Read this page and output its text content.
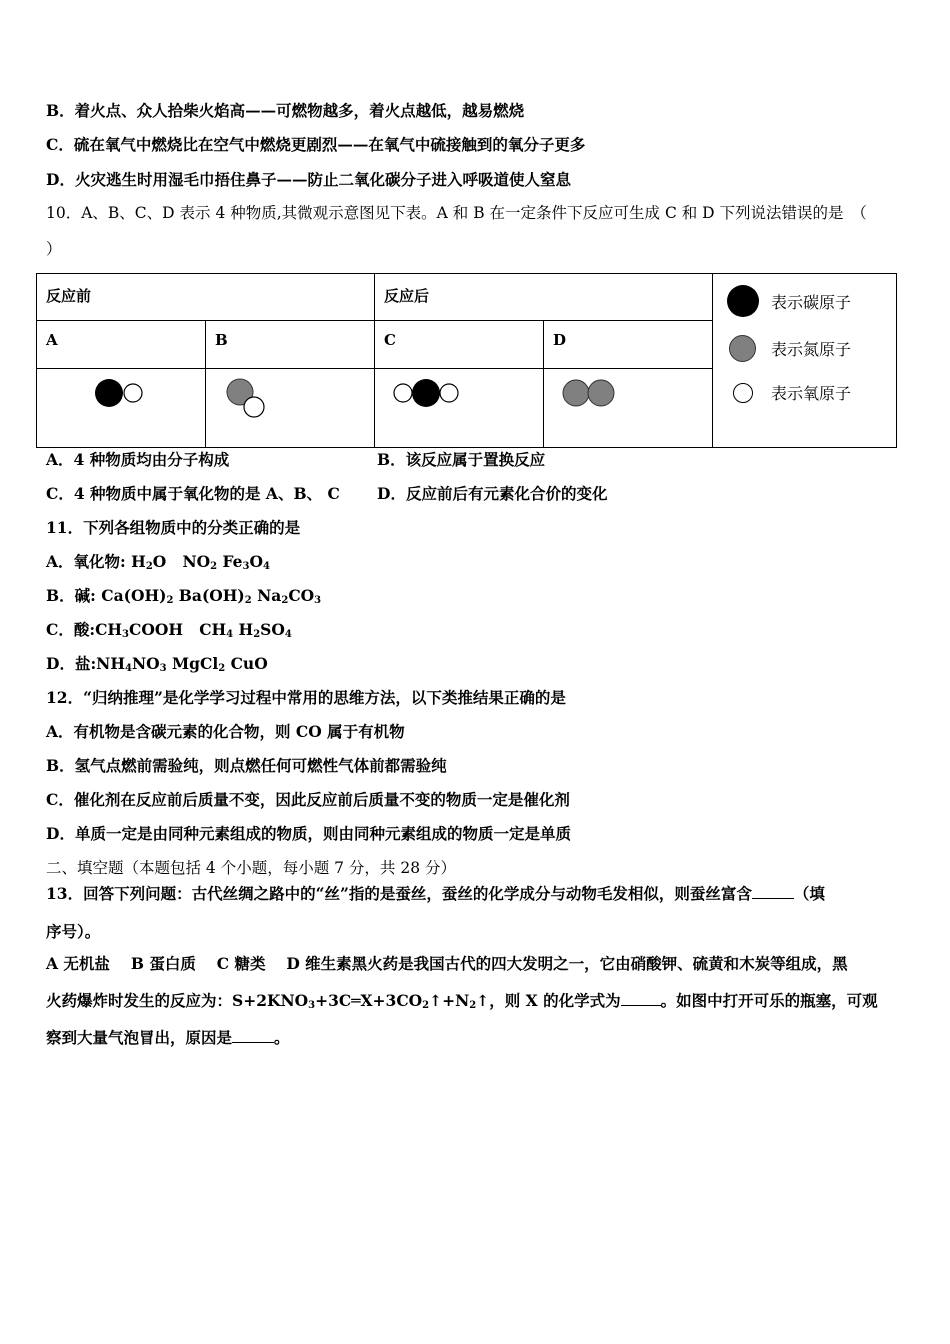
B．着火点、众人拾柴火焰高——可燃物越多，着火点越低，越易燃烧
C．硫在氧气中燃烧比在空气中燃烧更剧烈——在氧气中硫接触到的氧分子更多
D．火灾逃生时用湿毛巾捂住鼻子——防止二氧化碳分子进入呼吸道使人窒息
10．A、B、C、D 表示 4 种物质,其微观示意图见下表。A 和 B 在一定条件下反应可生成 C 和 D 下列说法错误的是　（
）
反应前		反应后		表示碳原子
表示氮原子
表示氧原子

A	B	C	D	

A．4 种物质均由分子构成	B．该反应属于置换反应
C．4 种物质中属于氧化物的是 A、B、 C D．反应前后有元素化合价的变化
11．下列各组物质中的分类正确的是
A．氧化物: $H_2O$   $NO_2$ $Fe_3O_4$
B．碱: $Ca(OH)_2$ $Ba(OH)_2$ $Na_2CO_3$
C．酸$:CH_3COOH$   $CH_4$ $H_2SO_4$
D．盐$:NH_4NO_3$ MgCl$_2$ CuO
12．“归纳推理”是化学学习过程中常用的思维方法，以下类推结果正确的是
A．有机物是含碳元素的化合物，则 CO 属于有机物
B．氢气点燃前需验纯，则点燃任何可燃性气体前都需验纯
C．催化剂在反应前后质量不变，因此反应前后质量不变的物质一定是催化剂
D．单质一定是由同种元素组成的物质，则由同种元素组成的物质一定是单质
二、填空题（本题包括 4 个小题，每小题 7 分，共 28 分）
13．回答下列问题：古代丝绸之路中的“丝”指的是蚕丝，蚕丝的化学成分与动物毛发相似，则蚕丝富含	（填
序号）。
A 无机盐　 B 蛋白质　 C 糖类　 D 维生素黑火药是我国古代的四大发明之一，它由硝酸钾、硫黄和木炭等组成，黑
火药爆炸时发生的反应为：$S+2KNO_3+3C═X+3CO_2↑+N_2↑$，则 X 的化学式为	。如图中打开可乐的瓶塞，可观
察到大量气泡冒出，原因是	。
